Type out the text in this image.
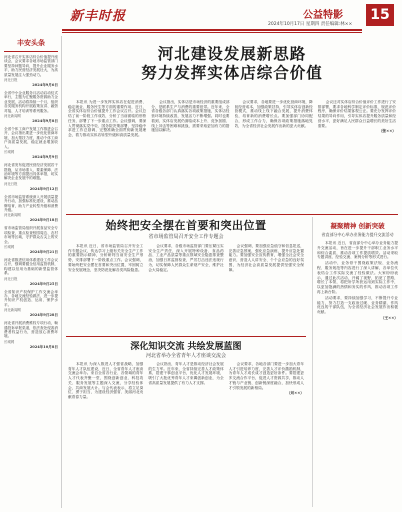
新丰时报	公益特影
2024年10月17日 星期四 责任编辑:林××
15
丰安头条
河北省召开实体店综合价值提升座谈会，会议要求各地市场监管部门要坚持问题导向，提升企业服务水平，助力民营经济发展壮大，为高质量发展注入强劲动力。
河北日报
2024年9月6日
全省中小企业服务月活动启动仪式举行，主题为汇聚服务资源助力企业发展，活动将持续一个月，组织各类服务机构开展政策宣讲、融资对接、人才培训等系列服务。
河北新闻网
2024年9月8日
全省个体工商户发展工作推进会召开，会议指出要进一步优化营商环境，加大帮扶力度，推动个体工商户高质量发展，稳定就业增加收入。
长城网
2024年9月9日
河北省发布促进民营经济发展若干措施，从市场准入、要素保障、法治环境等方面提出具体举措，切实解决企业发展中的难题。
河北日报
2024年9月12日
全省市场监管系统深入开展质量提升行动，加强标准化建设，推动品牌培育，助力产业转型升级和消费升级。
河北新闻网
2024年9月18日
省市场监管局组织开展食品安全专项检查，重点检查校园周边、农村市场等区域，守护群众舌尖上的安全。
长城网
2024年9月21日
河北省推进信用体系建设工作会议召开，强调要健全信用监管机制，构建以信用为基础的新型监管体系。
河北日报
2024年9月25日
全省知识产权保护工作交流会举办，各地交流经验做法，进一步提升知识产权创造、运用、保护水平。
河北新闻网
2024年9月28日
河北省开展消费维权专项行动，畅通投诉举报渠道，依法查处侵害消费者权益行为，营造放心消费环境。
长城网
2024年10月8日
河北建设发展新思路
努力发挥实体店综合价值

本报讯 为进一步发挥实体店在促进消费、稳定就业、服务民生等方面的重要作用，近日，全省实体店综合价值提升工作会议召开。会议总结了前一阶段工作成效，分析了当前面临的形势任务，部署了下一步重点工作。会议强调，要深入贯彻落实党中央、国务院决策部署，坚持稳中求进工作总基调，完整准确全面贯彻新发展理念，着力推动实体店转型升级和高质量发展。

会议指出，实体店是市场经济的重要组成部分，是联系生产与消费的重要纽带。近年来，全省各级各部门认真落实各项政策措施，实体店经营环境持续改善，发展活力不断增强。同时也要看到，实体店发展仍面临成本上升、竞争加剧、线上冲击等困难和挑战，需要采取更加有力的措施加以解决。

会议要求，各地要进一步优化营商环境，降低经营成本，加强政策扶持，引导实体店创新经营模式，推动线上线下融合发展，提升消费体验，培育新的消费增长点。要加强部门协同配合，形成工作合力，确保各项政策措施落地见效，为全省经济社会发展作出新的更大贡献。

会议还对实体店综合价值评价工作进行了安排部署，要求各地科学制定评价标准，规范评价程序，确保评价结果客观公正。要充分发挥评价结果的导向作用，引导实体店提升服务质量和经营水平，更好满足人民群众日益增长的美好生活需要。

（张××）
始终把安全摆在首要和突出位置
省市场监管局召开安全工作专题会

本报讯 近日，省市场监管局召开安全工作专题会议，传达学习上级有关安全生产工作的重要指示精神，分析研判当前安全生产形势，安排部署下一阶段重点工作。会议强调，要始终把安全摆在首要和突出位置，牢固树立安全发展理念，坚决防范化解各类风险隐患。

会议要求，各级市场监管部门要压紧压实安全生产责任，深入开展特种设备、食品药品、工业产品质量等重点领域安全隐患排查整治，加强日常监督检查，严厉打击违法违规行为，切实保障人民群众生命财产安全，维护社会大局稳定。

会议强调，要加强应急值守和信息报送，完善应急预案，强化应急演练，提升应急处置能力。要加强安全宣传教育，增强全社会安全意识，营造人人讲安全、个个会应急的良好氛围，为经济社会高质量发展提供坚强安全保障。

深化知识交流 共绘发展蓝图
河北省举办全省青年人才座谈交流会

本报讯 为深入推进人才强省战略，加强青年人才队伍建设，近日，全省青年人才座谈交流会举办。来自全省各行业、各领域的青年人才代表齐聚一堂，围绕创新创业、科技攻关、服务发展等主题深入交流，分享经验体会，共商发展大计。与会代表表示，将立足岗位、勇于担当，为建设经济强省、美丽河北贡献青春力量。

会议指出，青年人才是推动经济社会发展的生力军。近年来，全省持续完善人才政策体系，搭建干事创业平台，优化人才发展环境，吸引了大批优秀青年人才来冀创新创业，为全省高质量发展提供了有力人才支撑。

会议要求，各地各部门要进一步加大青年人才引进培养力度，完善人才评价激励机制，为青年人才成长成才创造更好条件。要搭建更多交流合作平台，促进人才资源共享，推动人才链与产业链、创新链深度融合，加快形成人才引领发展的新格局。

（刘××）
凝聚精神 创新突破
省直部分中心举办业务能力提升交流活动

本报讯 近日，省直部分中心举办业务能力提升交流活动，旨在进一步提升干部职工业务水平和综合素质，推动各项工作提质增效。活动采取专题讲座、经验交流、案例分析等形式进行。

活动中，业务骨干围绕政策法规、业务流程、服务规范等内容进行了深入讲解，各单位代表结合工作实际交流了经验做法。大家纷纷表示，通过此次活动，开阔了视野，拓宽了思路，增长了本领，将把所学所获运用到实际工作中，以更加饱满的热情和务实的作风，推动各项工作再上新台阶。

活动要求，要持续加强学习，不断提升专业能力，努力打造一支政治过硬、业务精湛、作风优良的干部队伍，为全省经济社会发展作出积极贡献。

（王××）
